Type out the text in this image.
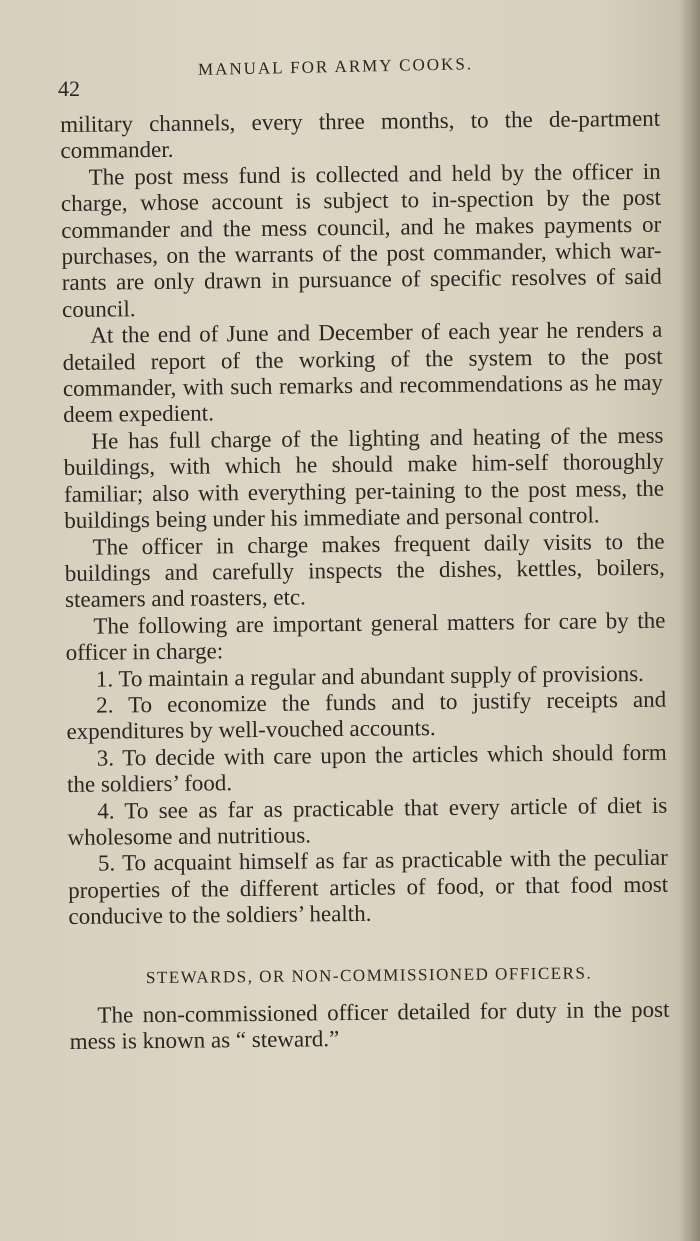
42
MANUAL FOR ARMY COOKS.

military channels, every three months, to the de-partment commander.

The post mess fund is collected and held by the officer in charge, whose account is subject to in-spection by the post commander and the mess council, and he makes payments or purchases, on the warrants of the post commander, which war-rants are only drawn in pursuance of specific resolves of said council.

At the end of June and December of each year he renders a detailed report of the working of the system to the post commander, with such remarks and recommendations as he may deem expedient.

He has full charge of the lighting and heating of the mess buildings, with which he should make him-self thoroughly familiar; also with everything per-taining to the post mess, the buildings being under his immediate and personal control.

The officer in charge makes frequent daily visits to the buildings and carefully inspects the dishes, kettles, boilers, steamers and roasters, etc.

The following are important general matters for care by the officer in charge:

1. To maintain a regular and abundant supply of provisions.

2. To economize the funds and to justify receipts and expenditures by well-vouched accounts.

3. To decide with care upon the articles which should form the soldiers’ food.

4. To see as far as practicable that every article of diet is wholesome and nutritious.

5. To acquaint himself as far as practicable with the peculiar properties of the different articles of food, or that food most conducive to the soldiers’ health.

STEWARDS, OR NON-COMMISSIONED OFFICERS.

The non-commissioned officer detailed for duty in the post mess is known as “ steward.”
